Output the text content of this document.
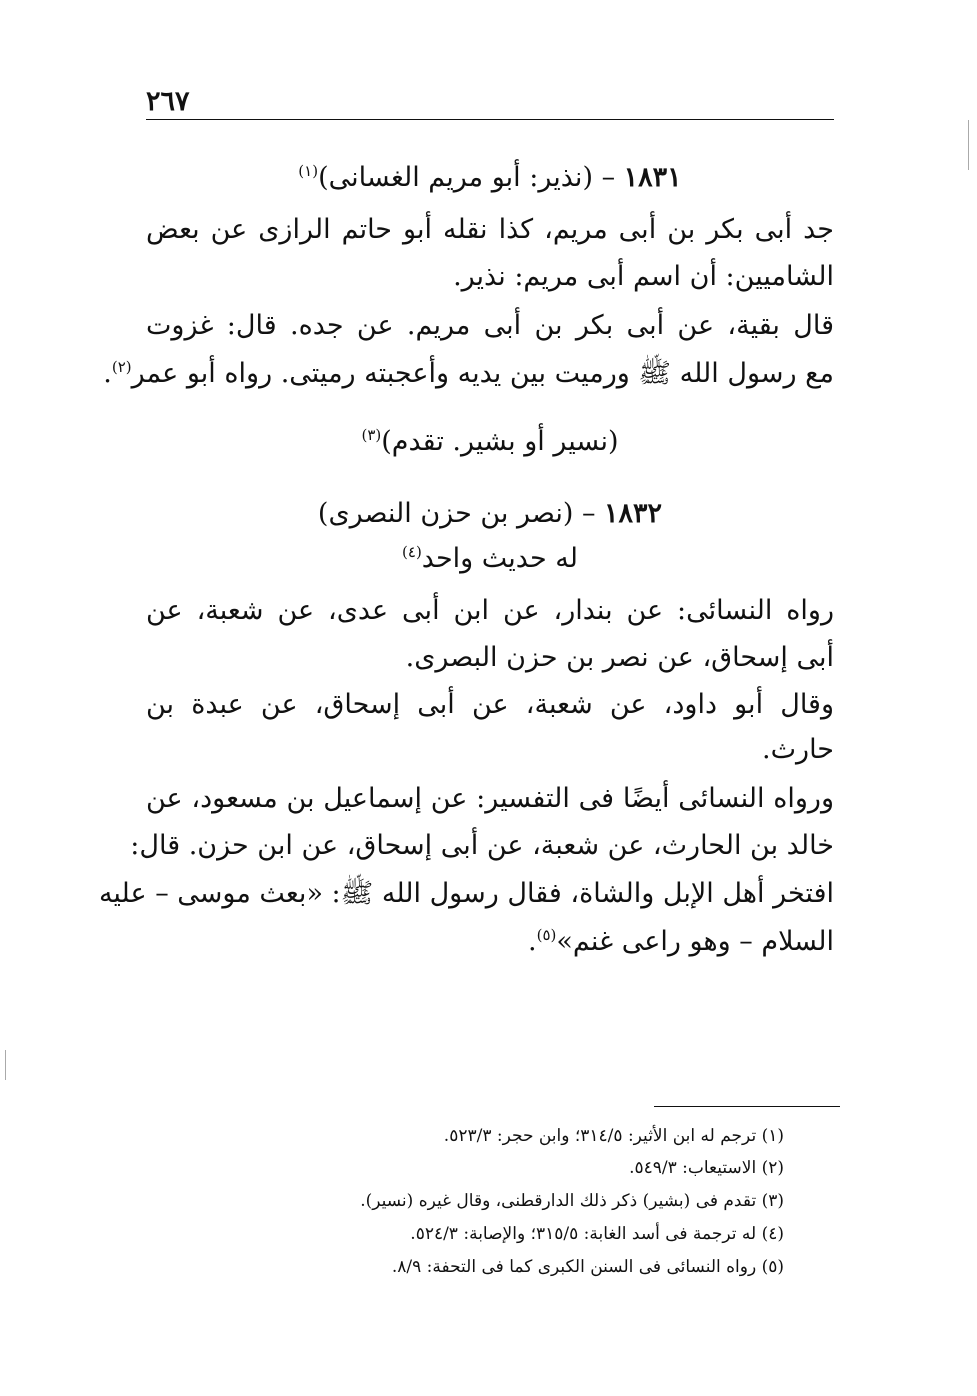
٢٦٧
١٨٣١ – (نذير: أبو مريم الغسانى)$^{(١)}$
جد أبى بكر بن أبى مريم، كذا نقله أبو حاتم الرازى عن بعض
الشاميين: أن اسم أبى مريم: نذير.
قال بقية، عن أبى بكر بن أبى مريم. عن جده. قال: غزوت
مع رسول الله ﷺ ورميت بين يديه وأعجبته رميتى. رواه أبو عمر$^{(٢)}$.
(نسير أو بشير. تقدم)$^{(٣)}$
١٨٣٢ – (نصر بن حزن النصرى)
له حديث واحد$^{(٤)}$
رواه النسائى: عن بندار، عن ابن أبى عدى، عن شعبة، عن
أبى إسحاق، عن نصر بن حزن البصرى.
وقال أبو داود، عن شعبة، عن أبى إسحاق، عن عبدة بن
حارث.
ورواه النسائى أيضًا فى التفسير: عن إسماعيل بن مسعود، عن
خالد بن الحارث، عن شعبة، عن أبى إسحاق، عن ابن حزن. قال:
افتخر أهل الإبل والشاة، فقال رسول الله ﷺ: «بعث موسى – عليه
السلام – وهو راعى غنم»$^{(٥)}$.
(١) ترجم له ابن الأثير: ٣١٤/٥؛ وابن حجر: ٥٢٣/٣.
(٢) الاستيعاب: ٥٤٩/٣.
(٣) تقدم فى (بشير) ذكر ذلك الدارقطنى، وقال غيره (نسير).
(٤) له ترجمة فى أسد الغابة: ٣١٥/٥؛ والإصابة: ٥٢٤/٣.
(٥) رواه النسائى فى السنن الكبرى كما فى التحفة: ٨/٩.
